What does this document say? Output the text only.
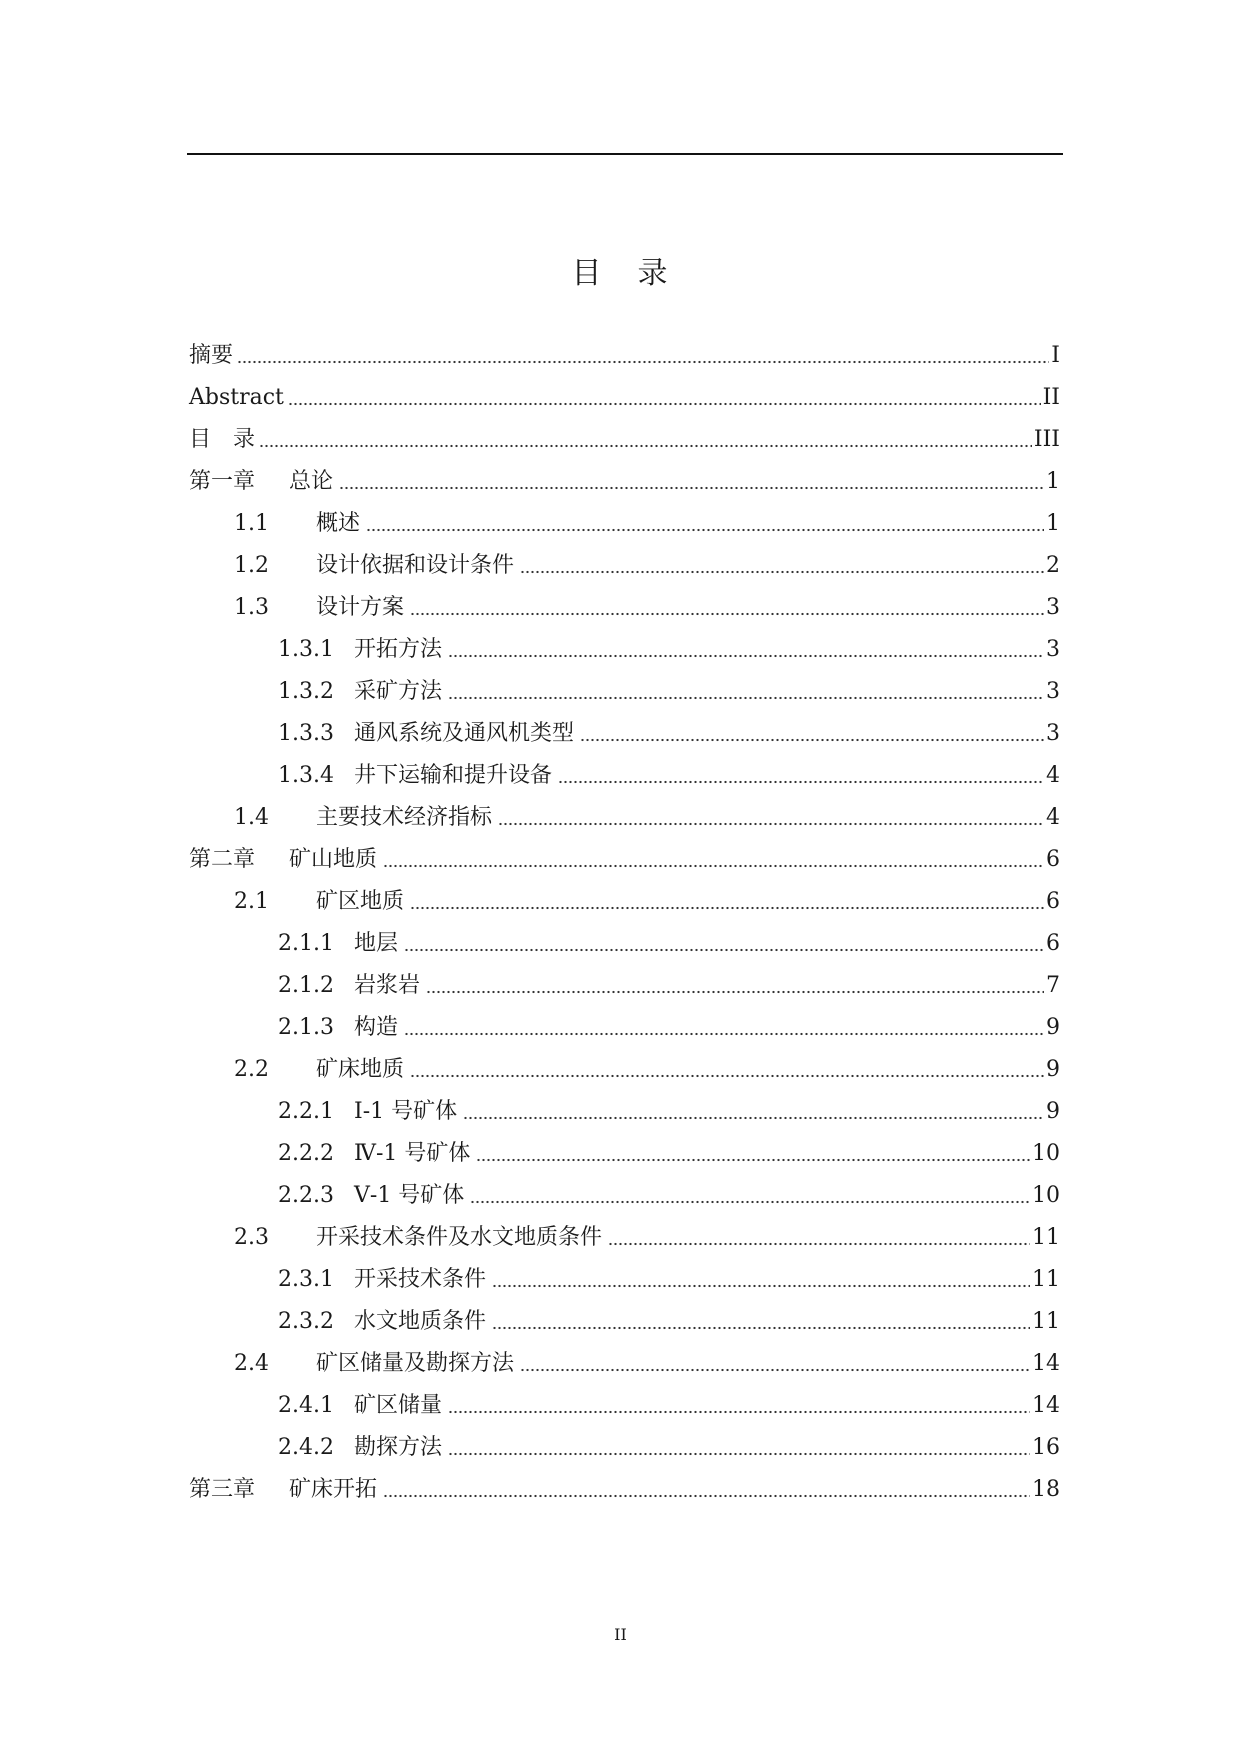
目 录
摘要	I
Abstract	II
目　录	III
第一章	总论	1
1.1	概述	1
1.2	设计依据和设计条件	2
1.3	设计方案	3
1.3.1 开拓方法	3
1.3.2 采矿方法	3
1.3.3 通风系统及通风机类型	3
1.3.4 井下运输和提升设备	4
1.4	主要技术经济指标	4
第二章	矿山地质	6
2.1	矿区地质	6
2.1.1 地层	6
2.1.2 岩浆岩	7
2.1.3 构造	9
2.2	矿床地质	9
2.2.1 Ⅰ-1 号矿体	9
2.2.2 Ⅳ-1 号矿体	10
2.2.3 Ⅴ-1 号矿体	10
2.3	开采技术条件及水文地质条件	11
2.3.1 开采技术条件	11
2.3.2 水文地质条件	11
2.4	矿区储量及勘探方法	14
2.4.1 矿区储量	14
2.4.2 勘探方法	16
第三章	矿床开拓	18
II
